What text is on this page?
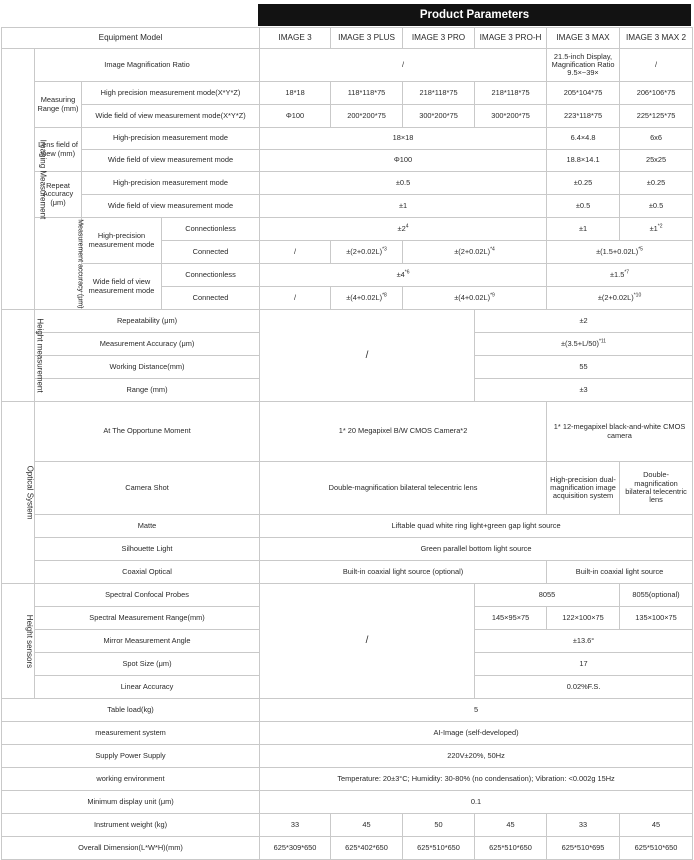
Product Parameters
Equipment Model				IMAGE 3	IMAGE 3 PLUS	IMAGE 3 PRO	IMAGE 3 PRO-H	IMAGE 3 MAX	IMAGE 3 MAX 2
Imaging Measurement	Image Magnification Ratio			/				21.5-inch Display, Magnification Ratio 9.5×~39×	/
	Measuring Range (mm)	High precision measurement mode(X*Y*Z)		18*18	118*118*75	218*118*75	218*118*75	205*104*75	206*106*75
		Wide field of view measurement mode(X*Y*Z)		Φ100	200*200*75	300*200*75	300*200*75	223*118*75	225*125*75
	Lens field of view (mm)	High-precision measurement mode		18×18				6.4×4.8	6x6
		Wide field of view measurement mode		Φ100				18.8×14.1	25x25
	Repeat Accuracy (μm)	High-precision measurement mode		±0.5				±0.25	±0.25
		Wide field of view measurement mode		±1				±0.5	±0.5
	Measurement accuracy (μm)	High-precision measurement mode	Connectionless	$\pm 2^4$				±1	$\pm 1^{*2}$
			Connected	/	$\pm(2+0.02L)^{*3}$	$\pm(2+0.02L)^{*4}$		$\pm(1.5+0.02L)^{*5}$
		Wide field of view measurement mode	Connectionless	$\pm 4^{*6}$				$\pm 1.5^{*7}$
			Connected	/	$\pm(4+0.02L)^{*8}$	$\pm(4+0.02L)^{*9}$		$\pm(2+0.02L)^{*10}$

Height measurement	Repeatability (μm)			/			±2		
	Measurement Accuracy (μm)						$\pm(3.5+L/50)^{*11}$
	Working Distance(mm)						55		
	Range (mm)						±3		
Optical System	At The Opportune Moment			1* 20 Megapixel B/W CMOS Camera*2				1* 12-megapixel black-and-white CMOS camera	
	Camera Shot			Double-magnification bilateral telecentric lens				High-precision dual-magnification image acquisition system	Double-magnification bilateral telecentric lens
	Matte			Liftable quad white ring light+green gap light source					
	Silhouette Light			Green parallel bottom light source					
	Coaxial Optical			Built-in coaxial light source (optional)				Built-in coaxial light source	
Height sensors	Spectral Confocal Probes			/			8055		8055(optional)
	Spectral Measurement Range(mm)						145×95×75	122×100×75	135×100×75
	Mirror Measurement Angle						±13.6°		
	Spot Size (μm)						17		
	Linear Accuracy						0.02%F.S.		
Table load(kg)				5					
measurement system				AI-Image (self-developed)					
Supply Power Supply				220V±20%, 50Hz					
working environment				Temperature: 20±3°C; Humidity: 30-80% (no condensation); Vibration: <0.002g 15Hz					
Minimum display unit (μm)				0.1					
Instrument weight (kg)				33	45	50	45	33	45
Overall Dimension(L*W*H)(mm)				625*309*650	625*402*650	625*510*650	625*510*650	625*510*695	625*510*650
